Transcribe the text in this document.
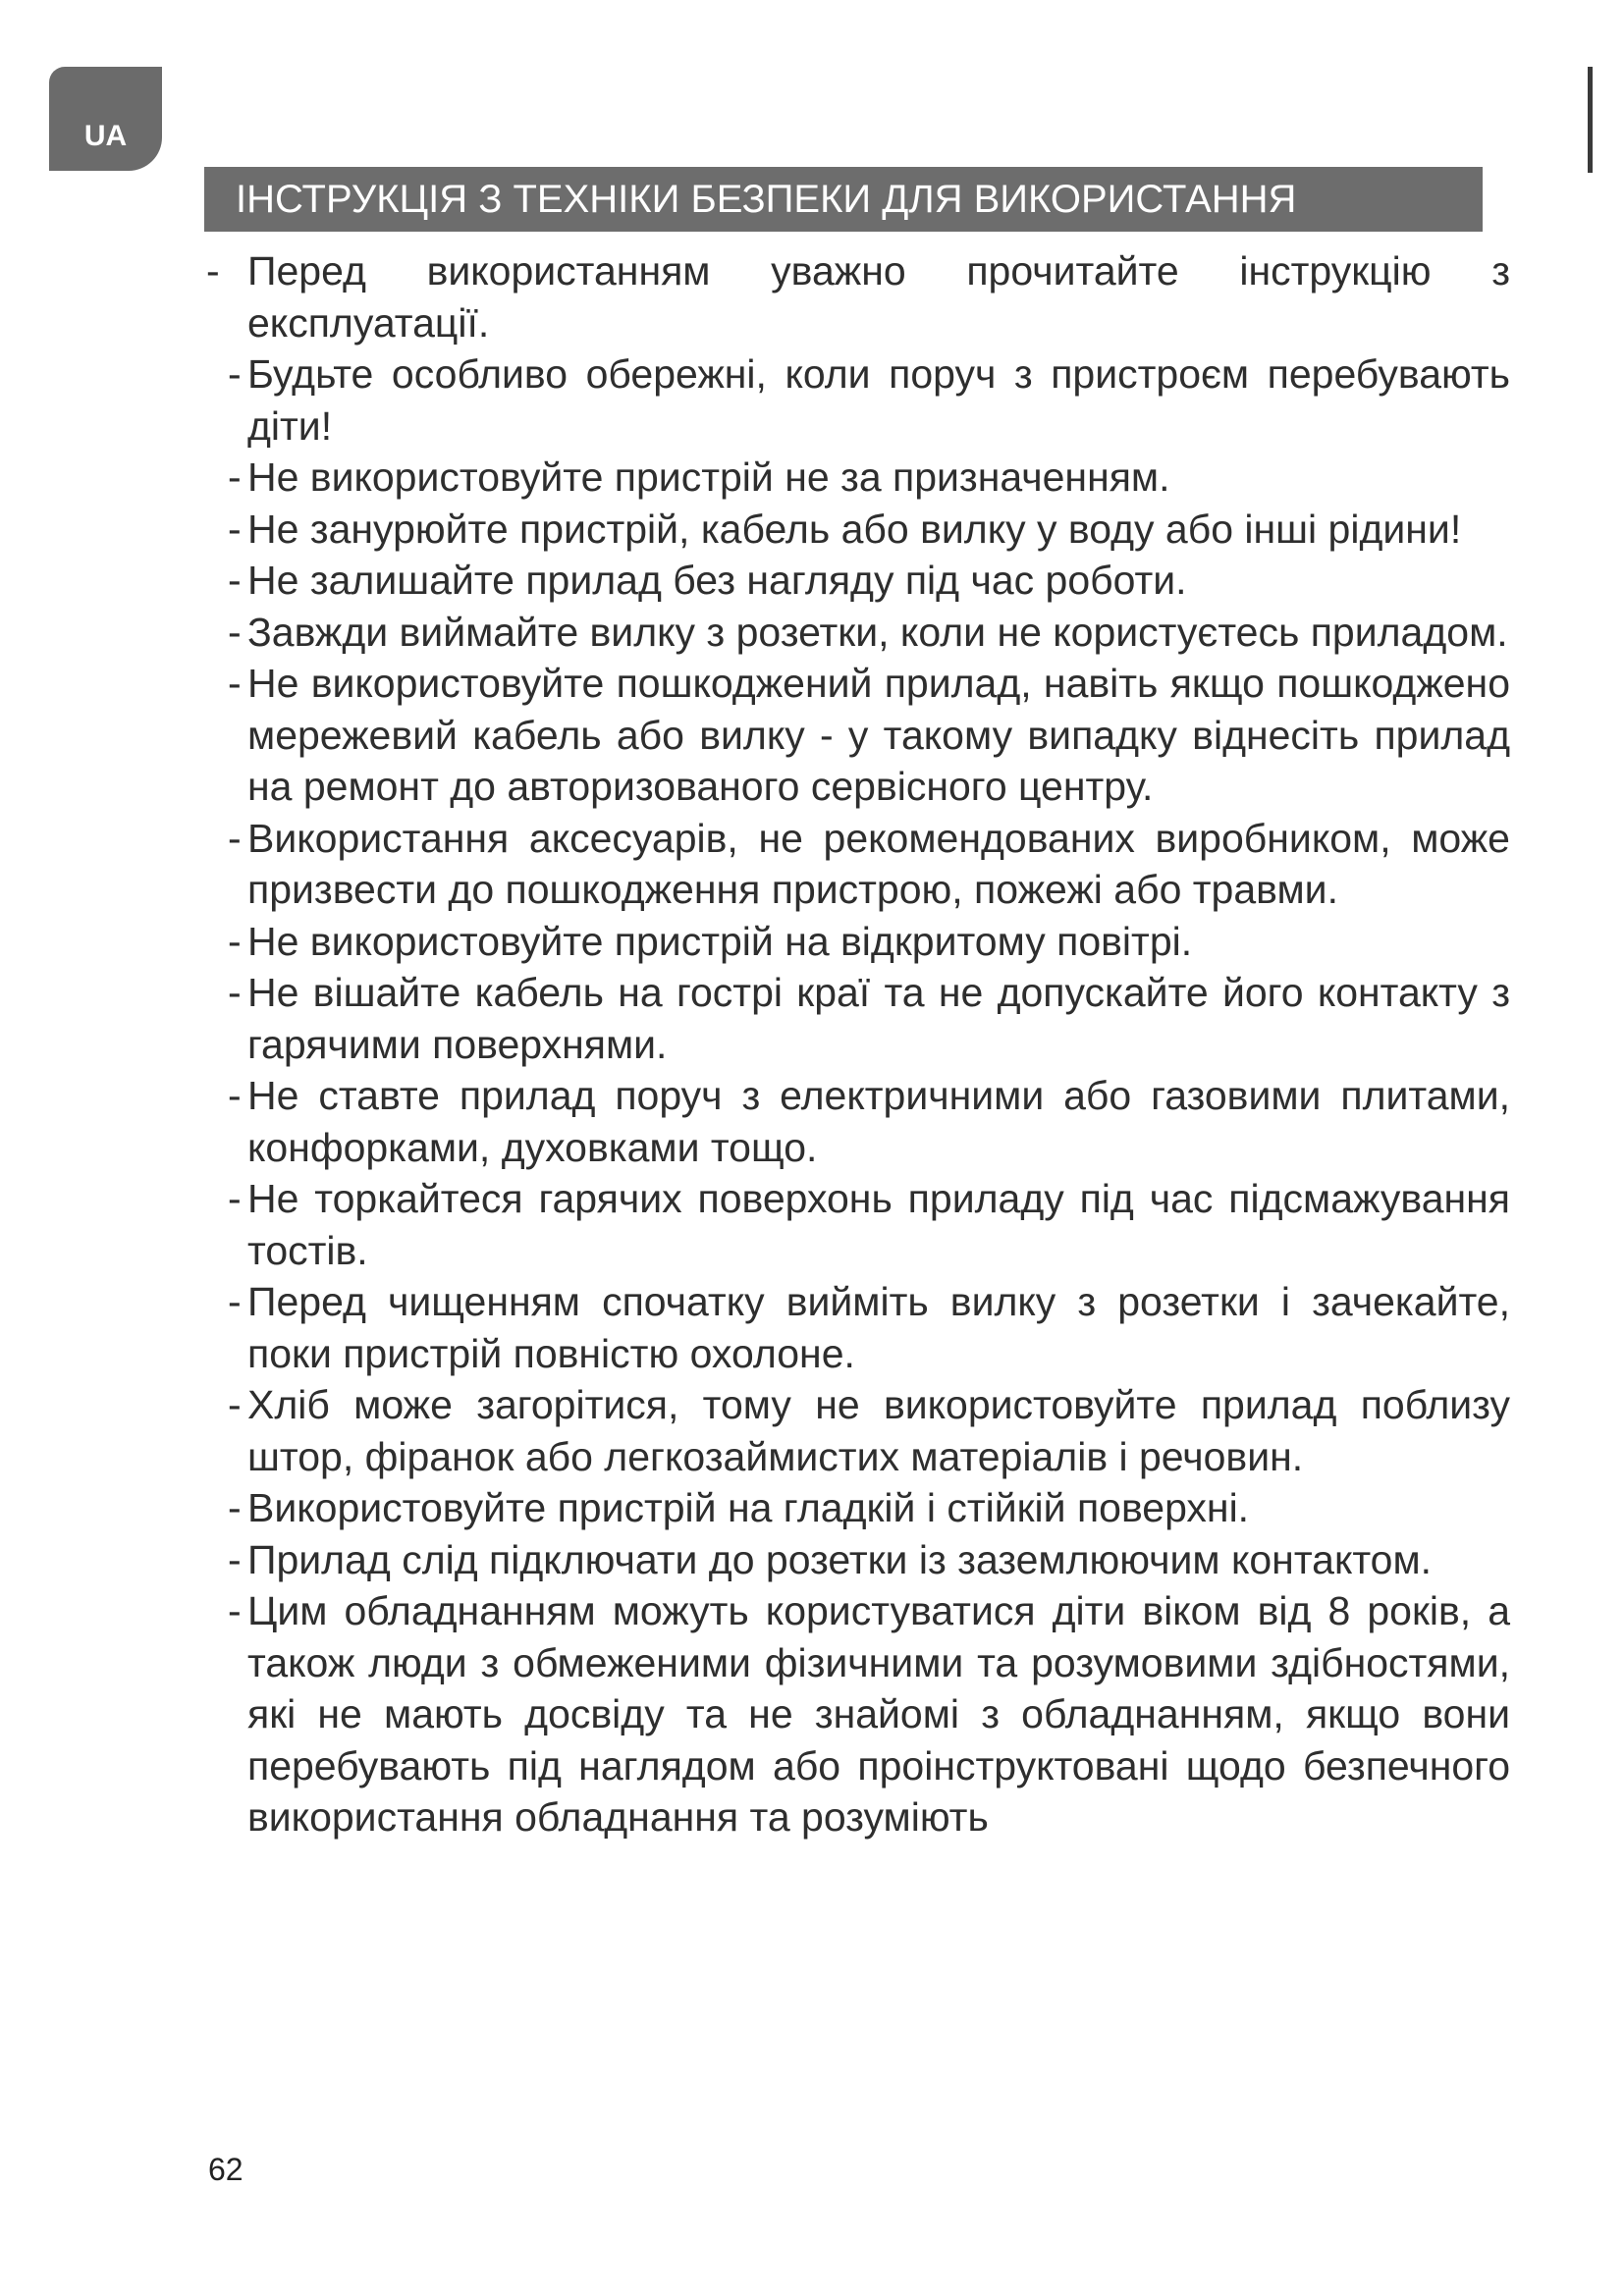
UA
ІНСТРУКЦІЯ З ТЕХНІКИ БЕЗПЕКИ ДЛЯ ВИКОРИСТАННЯ
- Перед використанням уважно прочитайте інструкцію з експлуатації.
- Будьте особливо обережні, коли поруч з пристроєм перебувають діти!
- Не використовуйте пристрій не за призначенням.
- Не занурюйте пристрій, кабель або вилку у воду або інші рідини!
- Не залишайте прилад без нагляду під час роботи.
- Завжди виймайте вилку з розетки, коли не користуєтесь приладом.
- Не використовуйте пошкоджений прилад, навіть якщо пошкоджено мережевий кабель або вилку - у такому випадку віднесіть прилад на ремонт до авторизованого сервісного центру.
- Використання аксесуарів, не рекомендованих виробником, може призвести до пошкодження пристрою, пожежі або травми.
- Не використовуйте пристрій на відкритому повітрі.
- Не вішайте кабель на гострі краї та не допускайте його контакту з гарячими поверхнями.
- Не ставте прилад поруч з електричними або газовими плитами, конфорками, духовками тощо.
- Не торкайтеся гарячих поверхонь приладу під час підсмажування тостів.
- Перед чищенням спочатку вийміть вилку з розетки і зачекайте, поки пристрій повністю охолоне.
- Хліб може загорітися, тому не використовуйте прилад поблизу штор, фіранок або легкозаймистих матеріалів і речовин.
- Використовуйте пристрій на гладкій і стійкій поверхні.
- Прилад слід підключати до розетки із заземлюючим контактом.
- Цим обладнанням можуть користуватися діти віком від 8 років, а також люди з обмеженими фізичними та розумовими здібностями, які не мають досвіду та не знайомі з обладнанням, якщо вони перебувають під наглядом або проінструктовані щодо безпечного використання обладнання та розуміють
62
